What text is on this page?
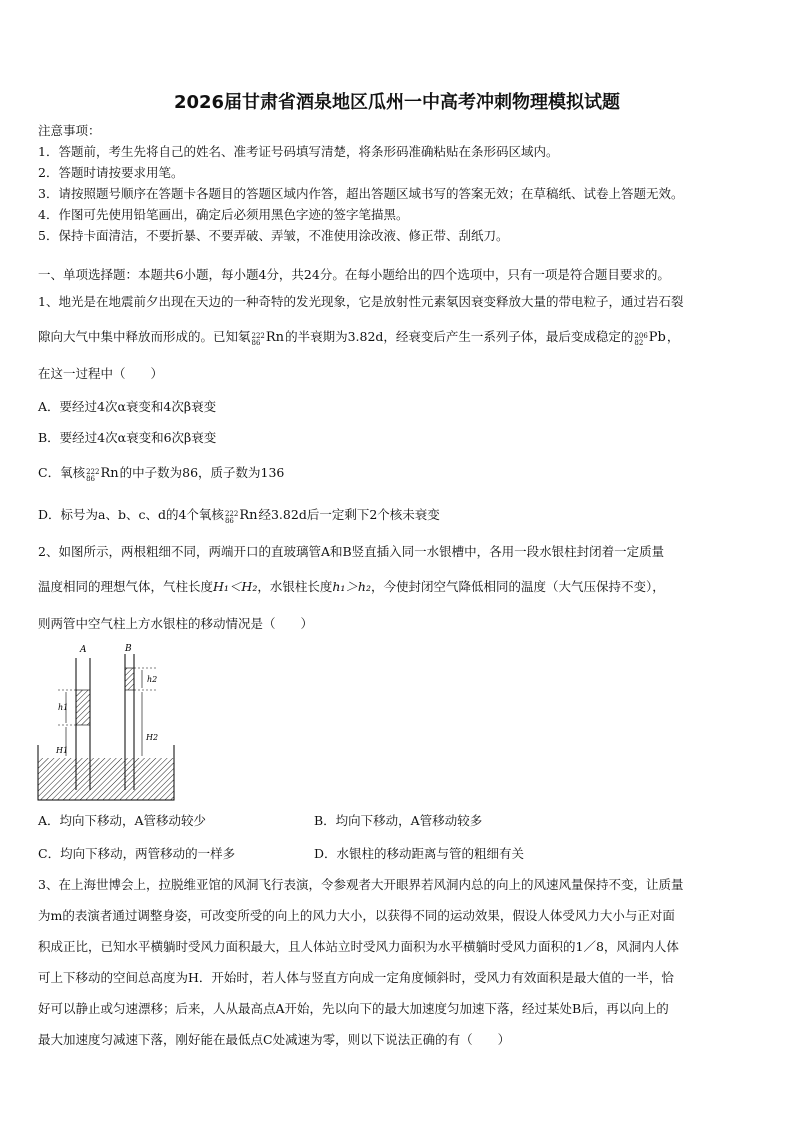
2026届甘肃省酒泉地区瓜州一中高考冲刺物理模拟试题
注意事项：
1．答题前，考生先将自己的姓名、准考证号码填写清楚，将条形码准确粘贴在条形码区域内。
2．答题时请按要求用笔。
3．请按照题号顺序在答题卡各题目的答题区域内作答，超出答题区域书写的答案无效；在草稿纸、试卷上答题无效。
4．作图可先使用铅笔画出，确定后必须用黑色字迹的签字笔描黑。
5．保持卡面清洁，不要折暴、不要弄破、弄皱，不准使用涂改液、修正带、刮纸刀。
一、单项选择题：本题共6小题，每小题4分，共24分。在每小题给出的四个选项中，只有一项是符合题目要求的。
1、地光是在地震前夕出现在天边的一种奇特的发光现象，它是放射性元素氡因衰变释放大量的带电粒子，通过岩石裂
隙向大气中集中释放而形成的。已知氡 222
86 Rn的半衰期为3.82d，经衰变后产生一系列子体，最后变成稳定的 206
82 Pb，
在这一过程中（　　）
A．要经过4次α衰变和4次β衰变
B．要经过4次α衰变和6次β衰变
C．氧核 222
86 Rn的中子数为86，质子数为136
D．标号为a、b、c、d的4个氧核 222
86 Rn经3.82d后一定剩下2个核未衰变
2、如图所示，两根粗细不同，两端开口的直玻璃管A和B竖直插入同一水银槽中，各用一段水银柱封闭着一定质量
温度相同的理想气体，气柱长度H₁＜H₂，水银柱长度h₁＞h₂，今使封闭空气降低相同的温度（大气压保持不变），
则两管中空气柱上方水银柱的移动情况是（　　）
A	B
h1
H1
h2
H2
A．均向下移动，A管移动较少	B．均向下移动，A管移动较多
C．均向下移动，两管移动的一样多	D．水银柱的移动距离与管的粗细有关
3、在上海世博会上，拉脱维亚馆的风洞飞行表演，令参观者大开眼界若风洞内总的向上的风速风量保持不变，让质量
为m的表演者通过调整身姿，可改变所受的向上的风力大小，以获得不同的运动效果，假设人体受风力大小与正对面
积成正比，已知水平横躺时受风力面积最大，且人体站立时受风力面积为水平横躺时受风力面积的1／8，风洞内人体
可上下移动的空间总高度为H．开始时，若人体与竖直方向成一定角度倾斜时，受风力有效面积是最大值的一半，恰
好可以静止或匀速漂移；后来，人从最高点A开始，先以向下的最大加速度匀加速下落，经过某处B后，再以向上的
最大加速度匀减速下落，刚好能在最低点C处减速为零，则以下说法正确的有（　　）
